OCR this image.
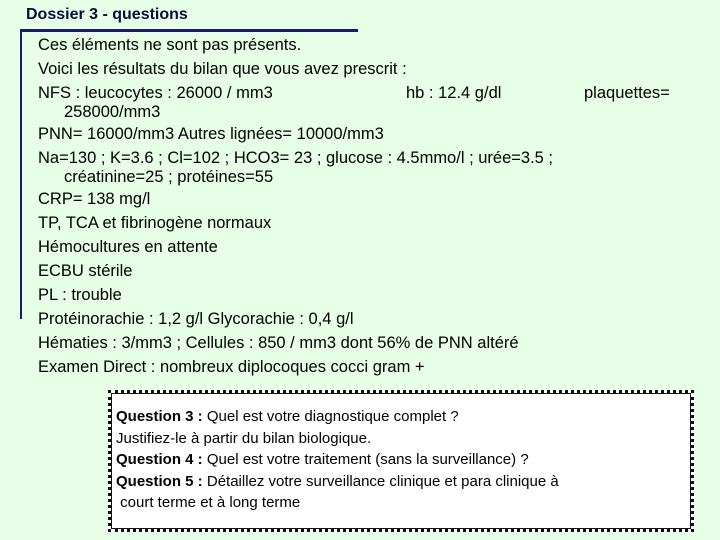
Dossier 3 - questions
Ces éléments ne sont pas présents.
Voici les résultats du bilan que vous avez prescrit :
NFS : leucocytes : 26000 / mm3	hb : 12.4 g/dl	plaquettes=
258000/mm3
PNN= 16000/mm3 Autres lignées= 10000/mm3
Na=130 ; K=3.6 ; Cl=102 ; HCO3= 23 ; glucose : 4.5mmo/l ; urée=3.5 ;
créatinine=25 ; protéines=55
CRP= 138 mg/l
TP, TCA et fibrinogène normaux
Hémocultures en attente
ECBU stérile
PL : trouble
Protéinorachie : 1,2 g/l Glycorachie : 0,4 g/l
Hématies : 3/mm3 ; Cellules : 850 / mm3 dont 56% de PNN altéré
Examen Direct : nombreux diplocoques cocci gram +
Question 3 : Quel est votre diagnostique complet ?
Justifiez-le à partir du bilan biologique.
Question 4 : Quel est votre traitement (sans la surveillance) ?
Question 5 : Détaillez votre surveillance clinique et para clinique à
court terme et à long terme
